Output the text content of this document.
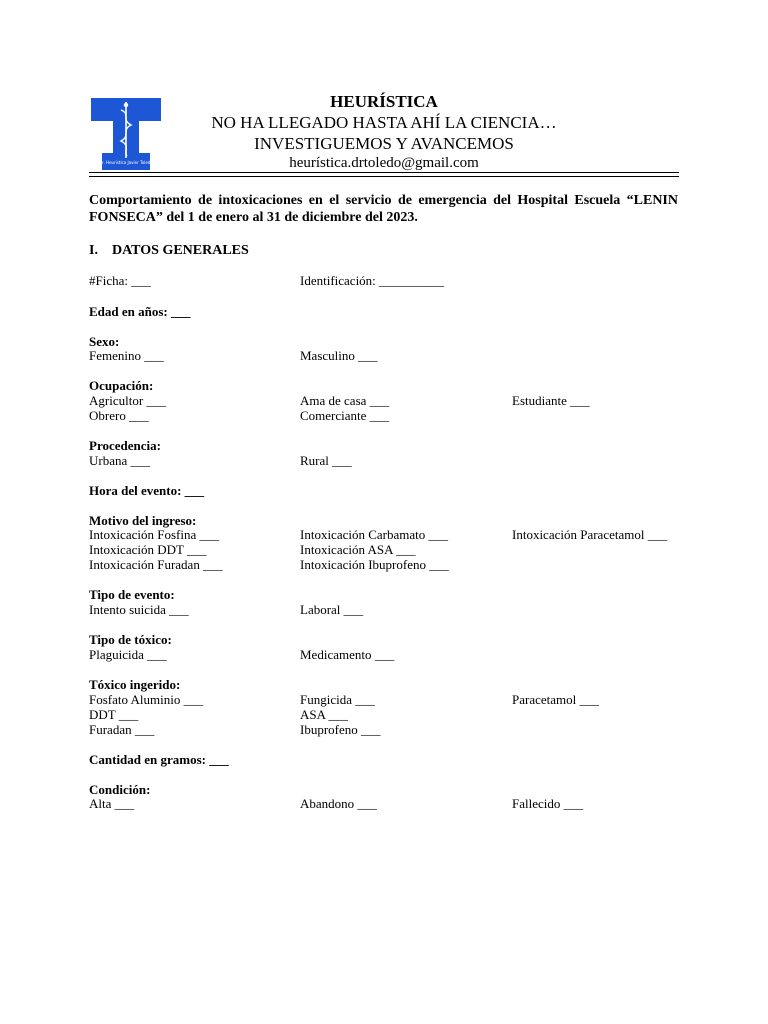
Dr. Heuristica Javier Toledo
HEURÍSTICA
NO HA LLEGADO HASTA AHÍ LA CIENCIA…
INVESTIGUEMOS Y AVANCEMOS
heurística.drtoledo@gmail.com
Comportamiento de intoxicaciones en el servicio de emergencia del Hospital Escuela “LENIN FONSECA” del 1 de enero al 31 de diciembre del 2023.
I. DATOS GENERALES
#Ficha: ___	Identificación: __________
Edad en años: ___
Sexo:
Femenino ___	Masculino ___
Ocupación:
Agricultor ___	Ama de casa ___	Estudiante ___
Obrero ___	Comerciante ___
Procedencia:
Urbana ___	Rural ___
Hora del evento: ___
Motivo del ingreso:
Intoxicación Fosfina ___	Intoxicación Carbamato ___	Intoxicación Paracetamol ___
Intoxicación DDT ___	Intoxicación ASA ___
Intoxicación Furadan ___	Intoxicación Ibuprofeno ___
Tipo de evento:
Intento suicida ___	Laboral ___
Tipo de tóxico:
Plaguicida ___	Medicamento ___
Tóxico ingerido:
Fosfato Aluminio ___	Fungicida ___	Paracetamol ___
DDT ___	ASA ___
Furadan ___	Ibuprofeno ___
Cantidad en gramos: ___
Condición:
Alta ___	Abandono ___	Fallecido ___
